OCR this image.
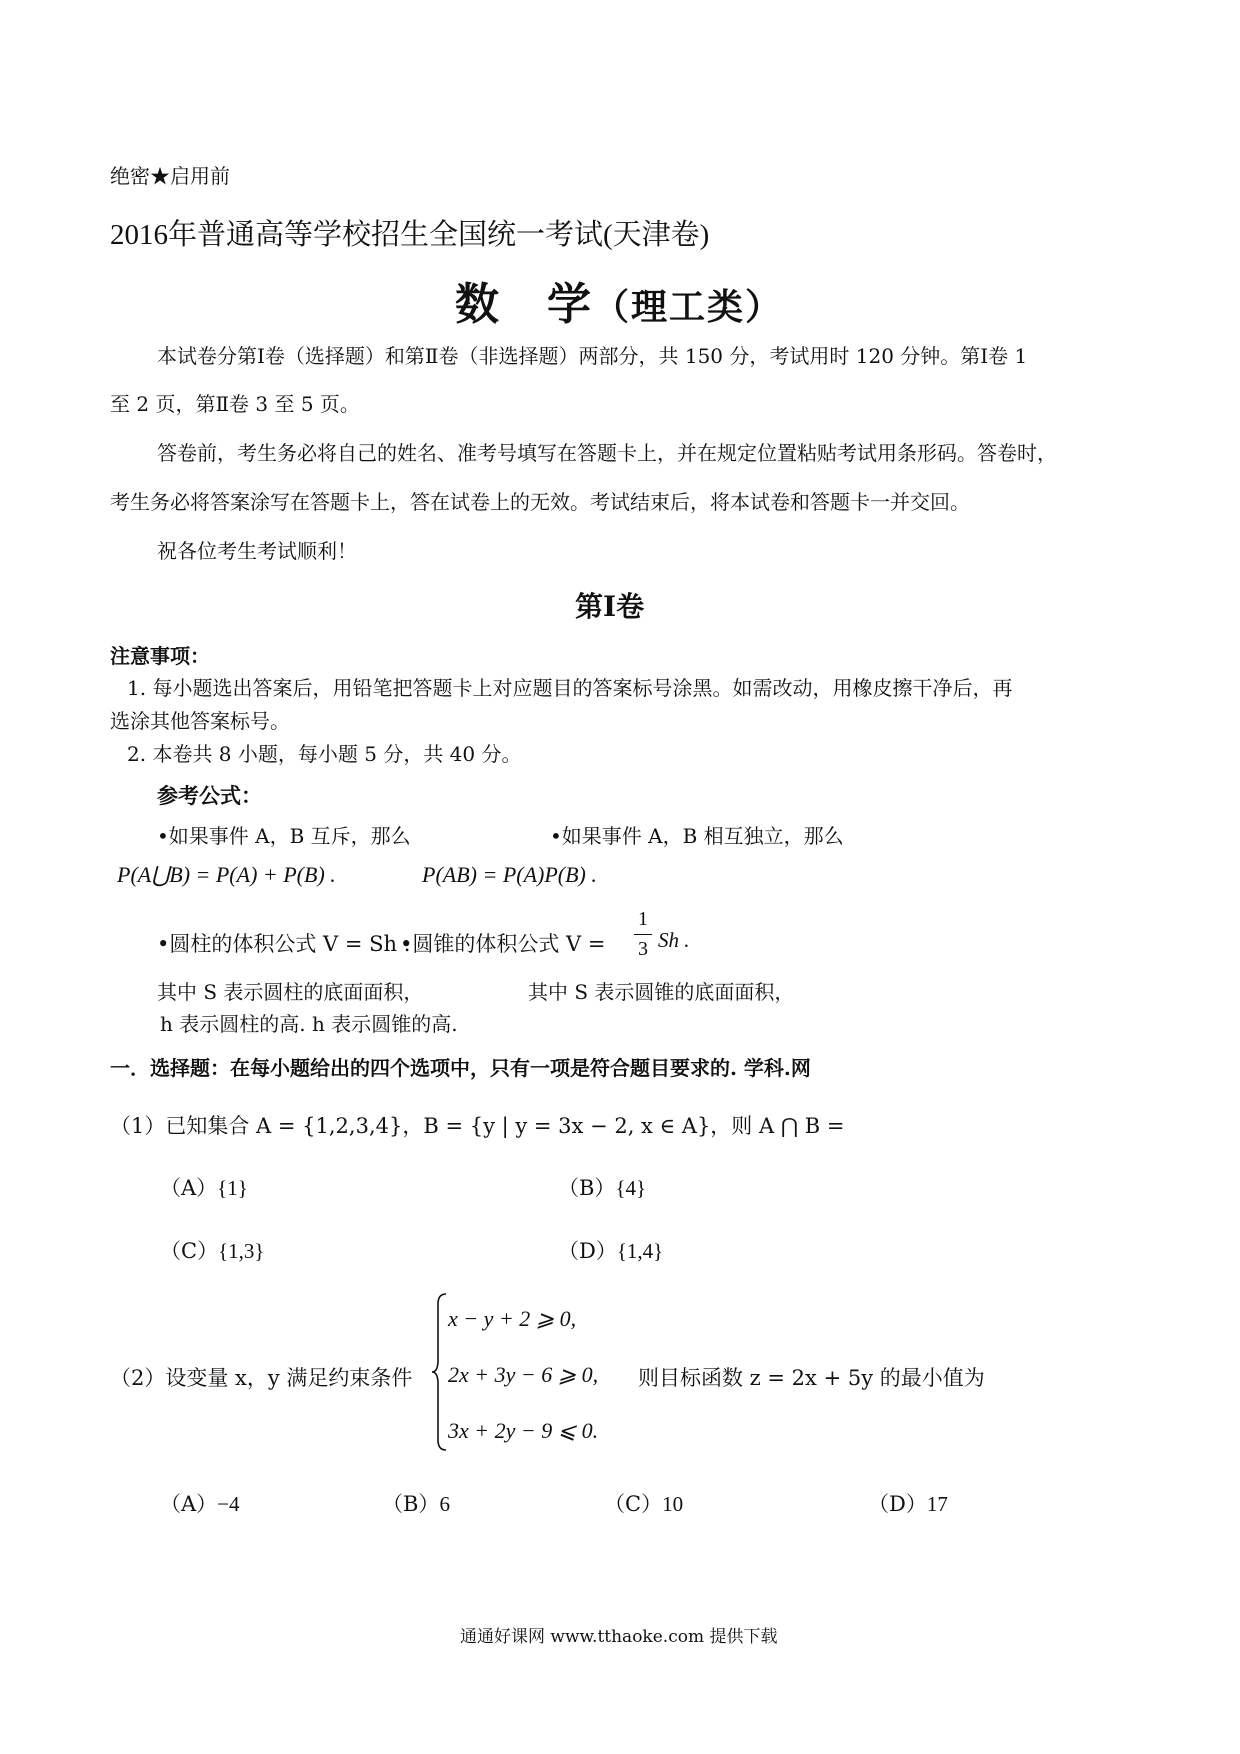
绝密★启用前
2016年普通高等学校招生全国统一考试(天津卷)
数　学（理工类）
本试卷分第Ⅰ卷（选择题）和第Ⅱ卷（非选择题）两部分，共 150 分，考试用时 120 分钟。第Ⅰ卷 1
至 2 页，第Ⅱ卷 3 至 5 页。
答卷前，考生务必将自己的姓名、准考号填写在答题卡上，并在规定位置粘贴考试用条形码。答卷时，
考生务必将答案涂写在答题卡上，答在试卷上的无效。考试结束后，将本试卷和答题卡一并交回。
祝各位考生考试顺利！
第Ⅰ卷
注意事项：
1. 每小题选出答案后，用铅笔把答题卡上对应题目的答案标号涂黑。如需改动，用橡皮擦干净后，再
选涂其他答案标号。
2. 本卷共 8 小题，每小题 5 分，共 40 分。
参考公式：
•如果事件 A，B 互斥，那么	•如果事件 A，B 相互独立，那么
P(A⋃B) = P(A) + P(B) .	P(AB) = P(A)P(B) .
•圆柱的体积公式 V = Sh .
•圆锥的体积公式 V =
1
3 Sh .
其中 S 表示圆柱的底面面积，	其中 S 表示圆锥的底面面积，
h 表示圆柱的高. h 表示圆锥的高.
一．选择题：在每小题给出的四个选项中，只有一项是符合题目要求的. 学科.网
（1）已知集合 A = {1,2,3,4}，B = {y | y = 3x − 2, x ∈ A}，则 A ⋂ B =
（A）{1}	（B）{4}
（C）{1,3}	（D）{1,4}
（2）设变量 x，y 满足约束条件
x − y + 2 ⩾ 0,
2x + 3y − 6 ⩾ 0,
3x + 2y − 9 ⩽ 0.
则目标函数 z = 2x + 5y 的最小值为
（A）−4	（B）6	（C）10	（D）17
通通好课网 www.tthaoke.com 提供下载
